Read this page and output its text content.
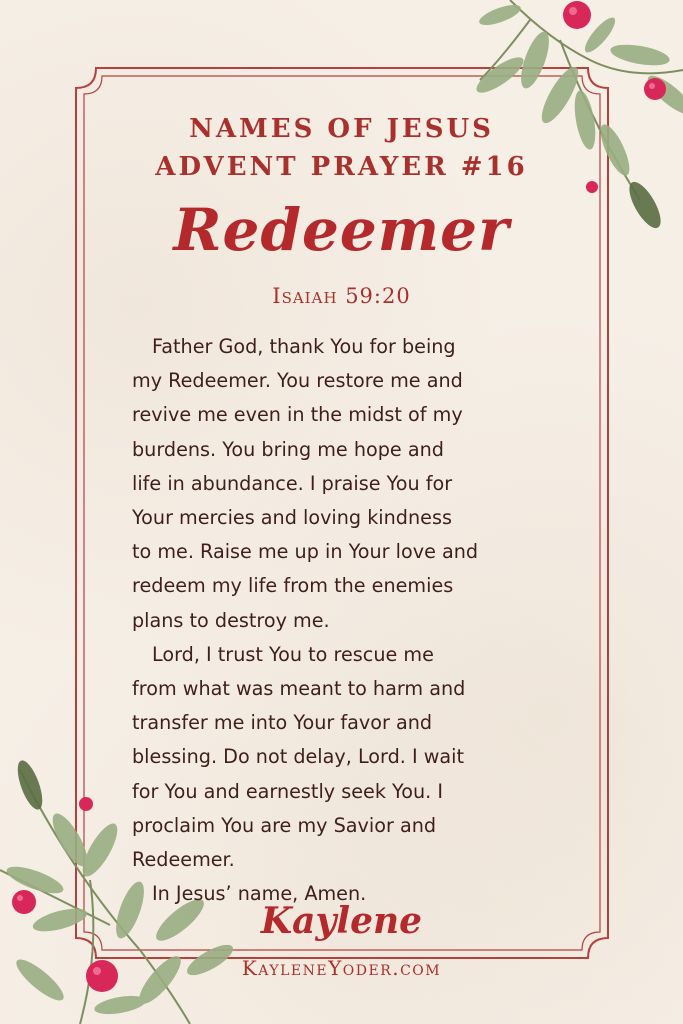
NAMES OF JESUS
ADVENT PRAYER #16
Redeemer
Isaiah 59:20

Father God, thank You for being
my Redeemer. You restore me and
revive me even in the midst of my
burdens. You bring me hope and
life in abundance. I praise You for
Your mercies and loving kindness
to me. Raise me up in Your love and
redeem my life from the enemies
plans to destroy me.

Lord, I trust You to rescue me
from what was meant to harm and
transfer me into Your favor and
blessing. Do not delay, Lord. I wait
for You and earnestly seek You. I
proclaim You are my Savior and
Redeemer.

In Jesus’ name, Amen.

Kaylene
KayleneYoder.com
